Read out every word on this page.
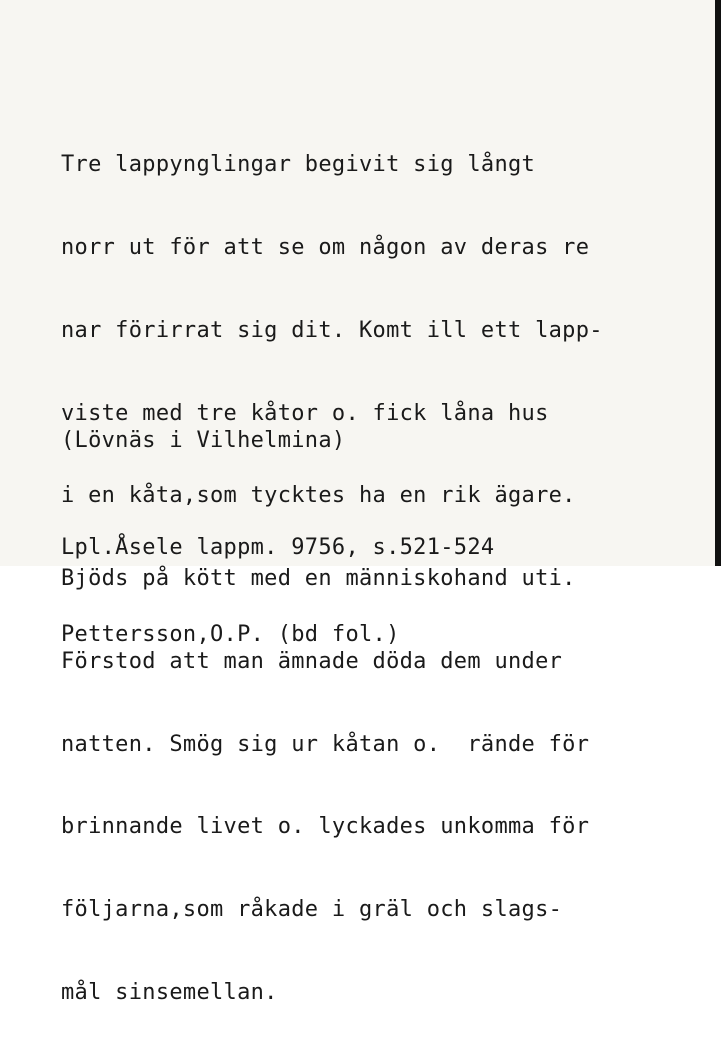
Tre lappynglingar begivit sig långt

norr ut för att se om någon av deras re

nar förirrat sig dit. Komt ill ett lapp-

viste med tre kåtor o. fick låna hus

i en kåta,som tycktes ha en rik ägare.

Bjöds på kött med en människohand uti.

Förstod att man ämnade döda dem under

natten. Smög sig ur kåtan o.  rände för

brinnande livet o. lyckades unkomma för

följarna,som råkade i gräl och slags-

mål sinsemellan.

(Lövnäs i Vilhelmina)

Lpl.Åsele lappm. 9756, s.521-524

Pettersson,O.P. (bd fol.)
